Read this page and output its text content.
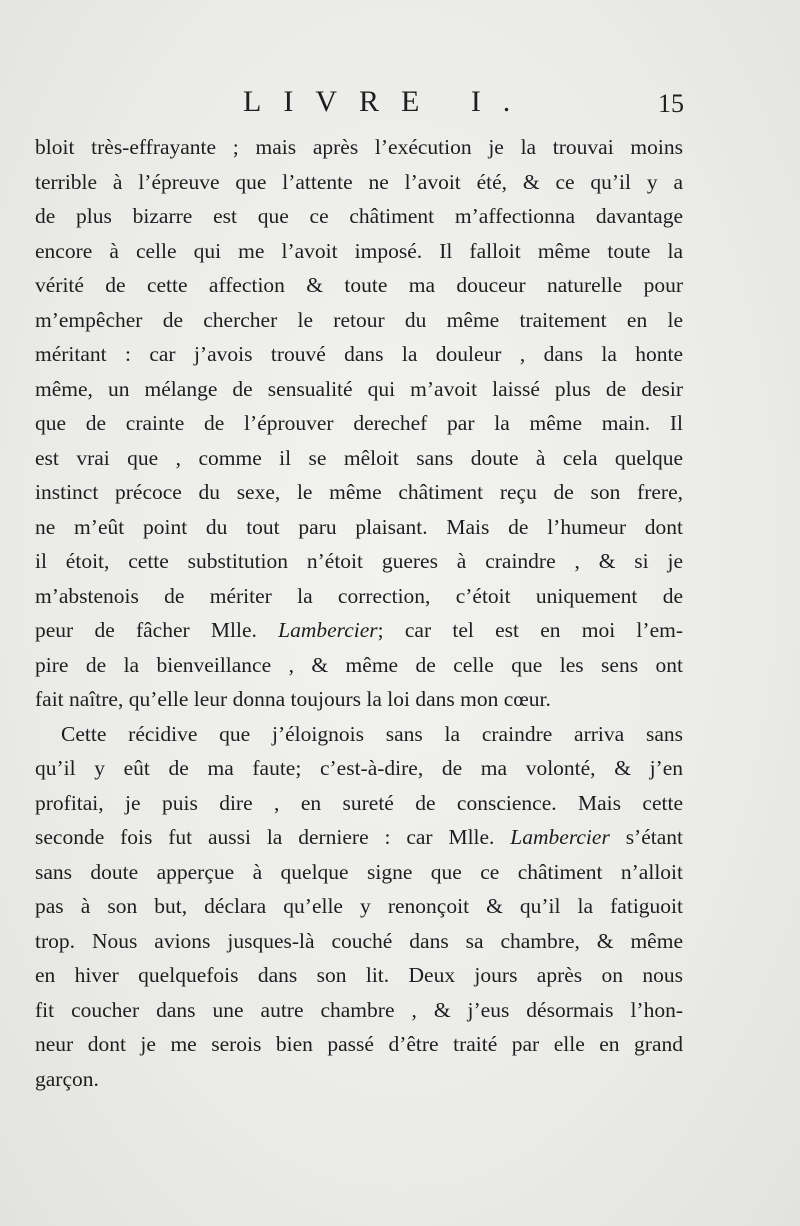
LIVRE I.	15
bloit très-effrayante ; mais après l’exécution je la trouvai moins
terrible à l’épreuve que l’attente ne l’avoit été, & ce qu’il y a
de plus bizarre est que ce châtiment m’affectionna davantage
encore à celle qui me l’avoit imposé. Il falloit même toute la
vérité de cette affection & toute ma douceur naturelle pour
m’empêcher de chercher le retour du même traitement en le
méritant : car j’avois trouvé dans la douleur , dans la honte
même, un mélange de sensualité qui m’avoit laissé plus de desir
que de crainte de l’éprouver derechef par la même main. Il
est vrai que , comme il se mêloit sans doute à cela quelque
instinct précoce du sexe, le même châtiment reçu de son frere,
ne m’eût point du tout paru plaisant. Mais de l’humeur dont
il étoit, cette substitution n’étoit gueres à craindre , & si je
m’abstenois de mériter la correction, c’étoit uniquement de
peur de fâcher Mlle. Lambercier; car tel est en moi l’em-
pire de la bienveillance , & même de celle que les sens ont
fait naître, qu’elle leur donna toujours la loi dans mon cœur.
Cette récidive que j’éloignois sans la craindre arriva sans
qu’il y eût de ma faute; c’est-à-dire, de ma volonté, & j’en
profitai, je puis dire , en sureté de conscience. Mais cette
seconde fois fut aussi la derniere : car Mlle. Lambercier s’étant
sans doute apperçue à quelque signe que ce châtiment n’alloit
pas à son but, déclara qu’elle y renonçoit & qu’il la fatiguoit
trop. Nous avions jusques-là couché dans sa chambre, & même
en hiver quelquefois dans son lit. Deux jours après on nous
fit coucher dans une autre chambre , & j’eus désormais l’hon-
neur dont je me serois bien passé d’être traité par elle en grand
garçon.
